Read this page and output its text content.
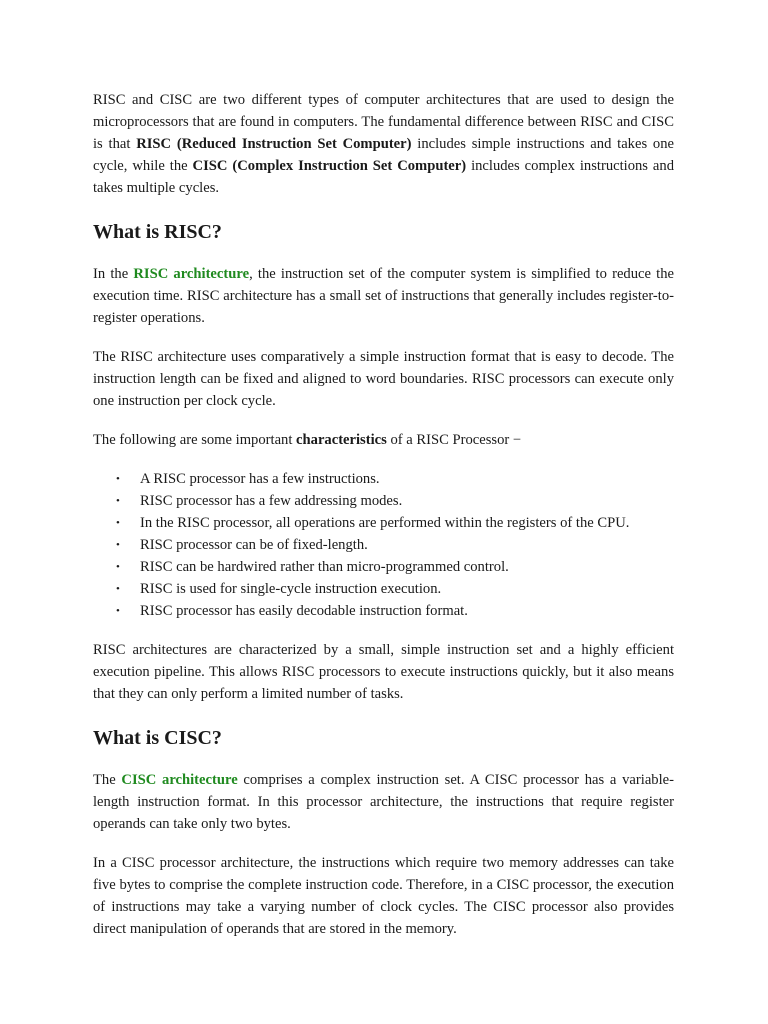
RISC and CISC are two different types of computer architectures that are used to design the microprocessors that are found in computers. The fundamental difference between RISC and CISC is that RISC (Reduced Instruction Set Computer) includes simple instructions and takes one cycle, while the CISC (Complex Instruction Set Computer) includes complex instructions and takes multiple cycles.

What is RISC?

In the RISC architecture, the instruction set of the computer system is simplified to reduce the execution time. RISC architecture has a small set of instructions that generally includes register-to-register operations.

The RISC architecture uses comparatively a simple instruction format that is easy to decode. The instruction length can be fixed and aligned to word boundaries. RISC processors can execute only one instruction per clock cycle.

The following are some important characteristics of a RISC Processor −

• A RISC processor has a few instructions.
• RISC processor has a few addressing modes.
• In the RISC processor, all operations are performed within the registers of the CPU.
• RISC processor can be of fixed-length.
• RISC can be hardwired rather than micro-programmed control.
• RISC is used for single-cycle instruction execution.
• RISC processor has easily decodable instruction format.

RISC architectures are characterized by a small, simple instruction set and a highly efficient execution pipeline. This allows RISC processors to execute instructions quickly, but it also means that they can only perform a limited number of tasks.

What is CISC?

The CISC architecture comprises a complex instruction set. A CISC processor has a variable-length instruction format. In this processor architecture, the instructions that require register operands can take only two bytes.

In a CISC processor architecture, the instructions which require two memory addresses can take five bytes to comprise the complete instruction code. Therefore, in a CISC processor, the execution of instructions may take a varying number of clock cycles. The CISC processor also provides direct manipulation of operands that are stored in the memory.
